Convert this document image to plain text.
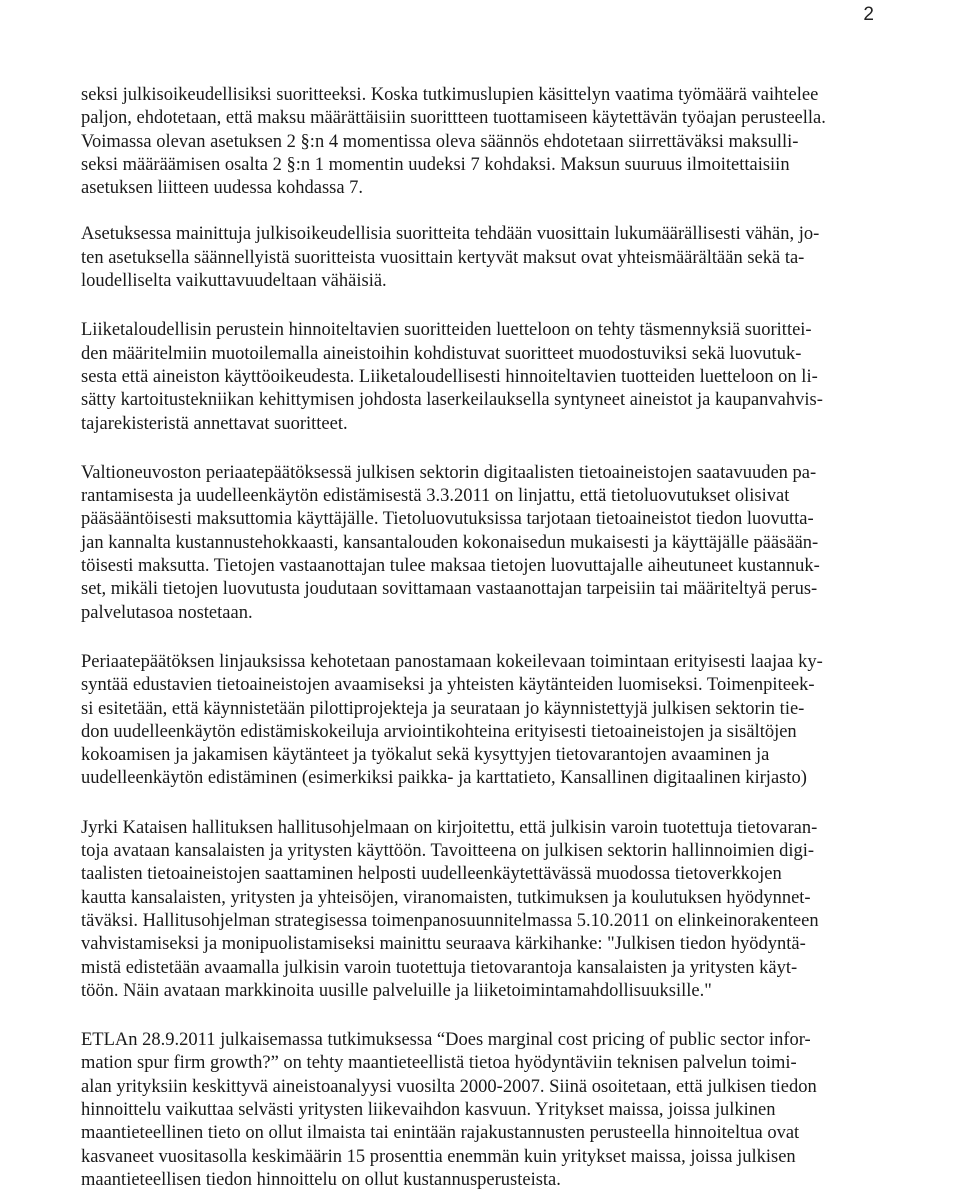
2

seksi julkisoikeudellisiksi suoritteeksi. Koska tutkimuslupien käsittelyn vaatima työmäärä vaihtelee
paljon, ehdotetaan, että maksu määrättäisiin suorittteen tuottamiseen käytettävän työajan perusteella.
Voimassa olevan asetuksen 2 §:n 4 momentissa oleva säännös ehdotetaan siirrettäväksi maksulli-
seksi määräämisen osalta 2 §:n 1 momentin uudeksi 7 kohdaksi. Maksun suuruus ilmoitettaisiin
asetuksen liitteen uudessa kohdassa 7.

Asetuksessa mainittuja julkisoikeudellisia suoritteita tehdään vuosittain lukumäärällisesti vähän, jo-
ten asetuksella säännellyistä suoritteista vuosittain kertyvät maksut ovat yhteismäärältään sekä ta-
loudelliselta vaikuttavuudeltaan vähäisiä.

Liiketaloudellisin perustein hinnoiteltavien suoritteiden luetteloon on tehty täsmennyksiä suorittei-
den määritelmiin muotoilemalla aineistoihin kohdistuvat suoritteet muodostuviksi sekä luovutuk-
sesta että aineiston käyttöoikeudesta. Liiketaloudellisesti hinnoiteltavien tuotteiden luetteloon on li-
sätty kartoitustekniikan kehittymisen johdosta laserkeilauksella syntyneet aineistot ja kaupanvahvis-
tajarekisteristä annettavat suoritteet.

Valtioneuvoston periaatepäätöksessä julkisen sektorin digitaalisten tietoaineistojen saatavuuden pa-
rantamisesta ja uudelleenkäytön edistämisestä 3.3.2011 on linjattu, että tietoluovutukset olisivat
pääsääntöisesti maksuttomia käyttäjälle. Tietoluovutuksissa tarjotaan tietoaineistot tiedon luovutta-
jan kannalta kustannustehokkaasti, kansantalouden kokonaisedun mukaisesti ja käyttäjälle pääsään-
töisesti maksutta. Tietojen vastaanottajan tulee maksaa tietojen luovuttajalle aiheutuneet kustannuk-
set, mikäli tietojen luovutusta joudutaan sovittamaan vastaanottajan tarpeisiin tai määriteltyä perus-
palvelutasoa nostetaan.

Periaatepäätöksen linjauksissa kehotetaan panostamaan kokeilevaan toimintaan erityisesti laajaa ky-
syntää edustavien tietoaineistojen avaamiseksi ja yhteisten käytänteiden luomiseksi. Toimenpiteek-
si esitetään, että käynnistetään pilottiprojekteja ja seurataan jo käynnistettyjä julkisen sektorin tie-
don uudelleenkäytön edistämiskokeiluja arviointikohteina erityisesti tietoaineistojen ja sisältöjen
kokoamisen ja jakamisen käytänteet ja työkalut sekä kysyttyjen tietovarantojen avaaminen ja
uudelleenkäytön edistäminen (esimerkiksi paikka- ja karttatieto, Kansallinen digitaalinen kirjasto)

Jyrki Kataisen hallituksen hallitusohjelmaan on kirjoitettu, että julkisin varoin tuotettuja tietovaran-
toja avataan kansalaisten ja yritysten käyttöön. Tavoitteena on julkisen sektorin hallinnoimien digi-
taalisten tietoaineistojen saattaminen helposti uudelleenkäytettävässä muodossa tietoverkkojen
kautta kansalaisten, yritysten ja yhteisöjen, viranomaisten, tutkimuksen ja koulutuksen hyödynnet-
täväksi. Hallitusohjelman strategisessa toimenpanosuunnitelmassa 5.10.2011 on elinkeinorakenteen
vahvistamiseksi ja monipuolistamiseksi mainittu seuraava kärkihanke: "Julkisen tiedon hyödyntä-
mistä edistetään avaamalla julkisin varoin tuotettuja tietovarantoja kansalaisten ja yritysten käyt-
töön. Näin avataan markkinoita uusille palveluille ja liiketoimintamahdollisuuksille."

ETLAn 28.9.2011 julkaisemassa tutkimuksessa “Does marginal cost pricing of public sector infor-
mation spur firm growth?” on tehty maantieteellistä tietoa hyödyntäviin teknisen palvelun toimi-
alan yrityksiin keskittyvä aineistoanalyysi vuosilta 2000-2007. Siinä osoitetaan, että julkisen tiedon
hinnoittelu vaikuttaa selvästi yritysten liikevaihdon kasvuun. Yritykset maissa, joissa julkinen
maantieteellinen tieto on ollut ilmaista tai enintään rajakustannusten perusteella hinnoiteltua ovat
kasvaneet vuositasolla keskimäärin 15 prosenttia enemmän kuin yritykset maissa, joissa julkisen
maantieteellisen tiedon hinnoittelu on ollut kustannusperusteista.
